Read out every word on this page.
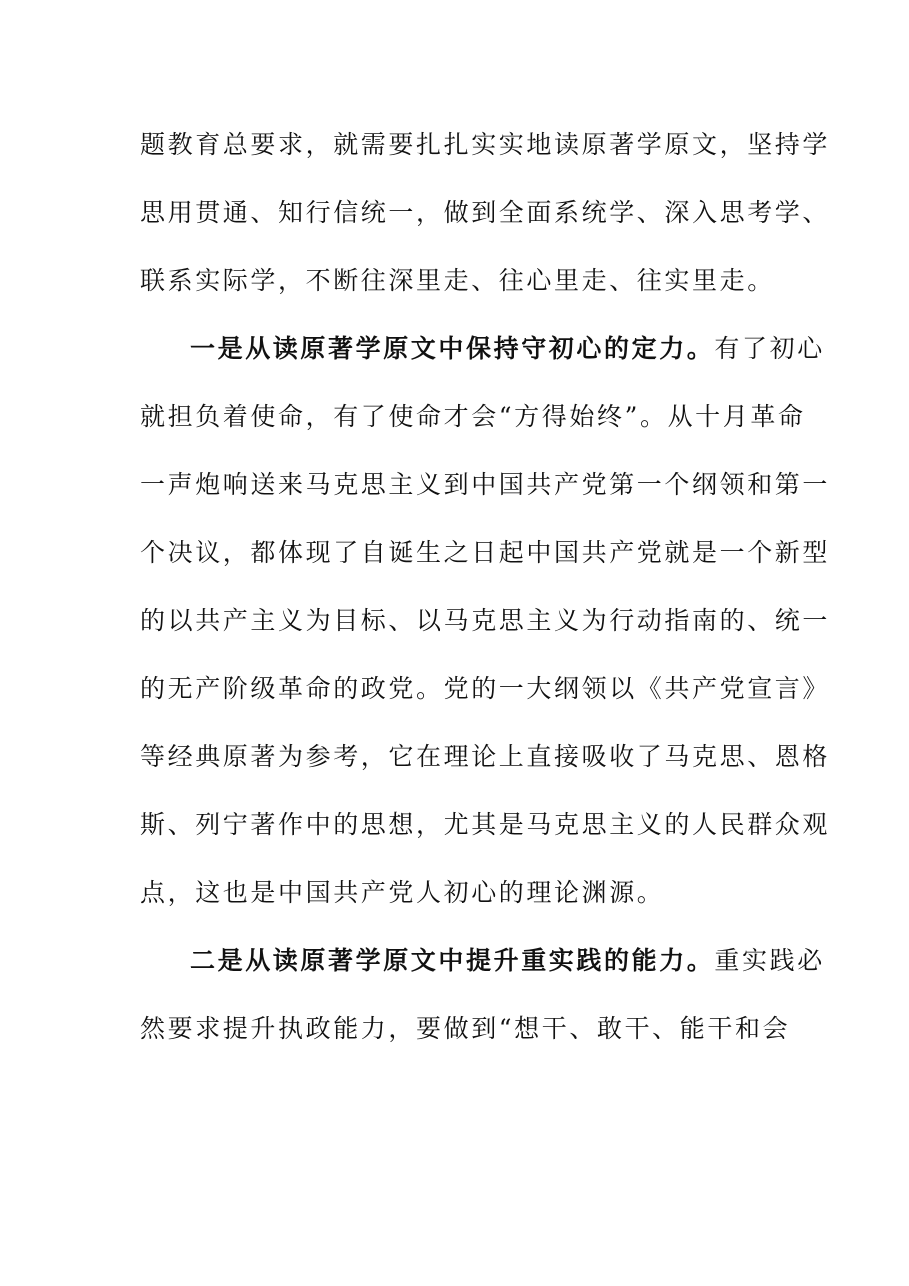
题教育总要求，就需要扎扎实实地读原著学原文，坚持学
思用贯通、知行信统一，做到全面系统学、深入思考学、
联系实际学，不断往深里走、往心里走、往实里走。
一是从读原著学原文中保持守初心的定力。有了初心
就担负着使命，有了使命才会“方得始终”。从十月革命
一声炮响送来马克思主义到中国共产党第一个纲领和第一
个决议，都体现了自诞生之日起中国共产党就是一个新型
的以共产主义为目标、以马克思主义为行动指南的、统一
的无产阶级革命的政党。党的一大纲领以《共产党宣言》
等经典原著为参考，它在理论上直接吸收了马克思、恩格
斯、列宁著作中的思想，尤其是马克思主义的人民群众观
点，这也是中国共产党人初心的理论渊源。
二是从读原著学原文中提升重实践的能力。重实践必
然要求提升执政能力，要做到“想干、敢干、能干和会
